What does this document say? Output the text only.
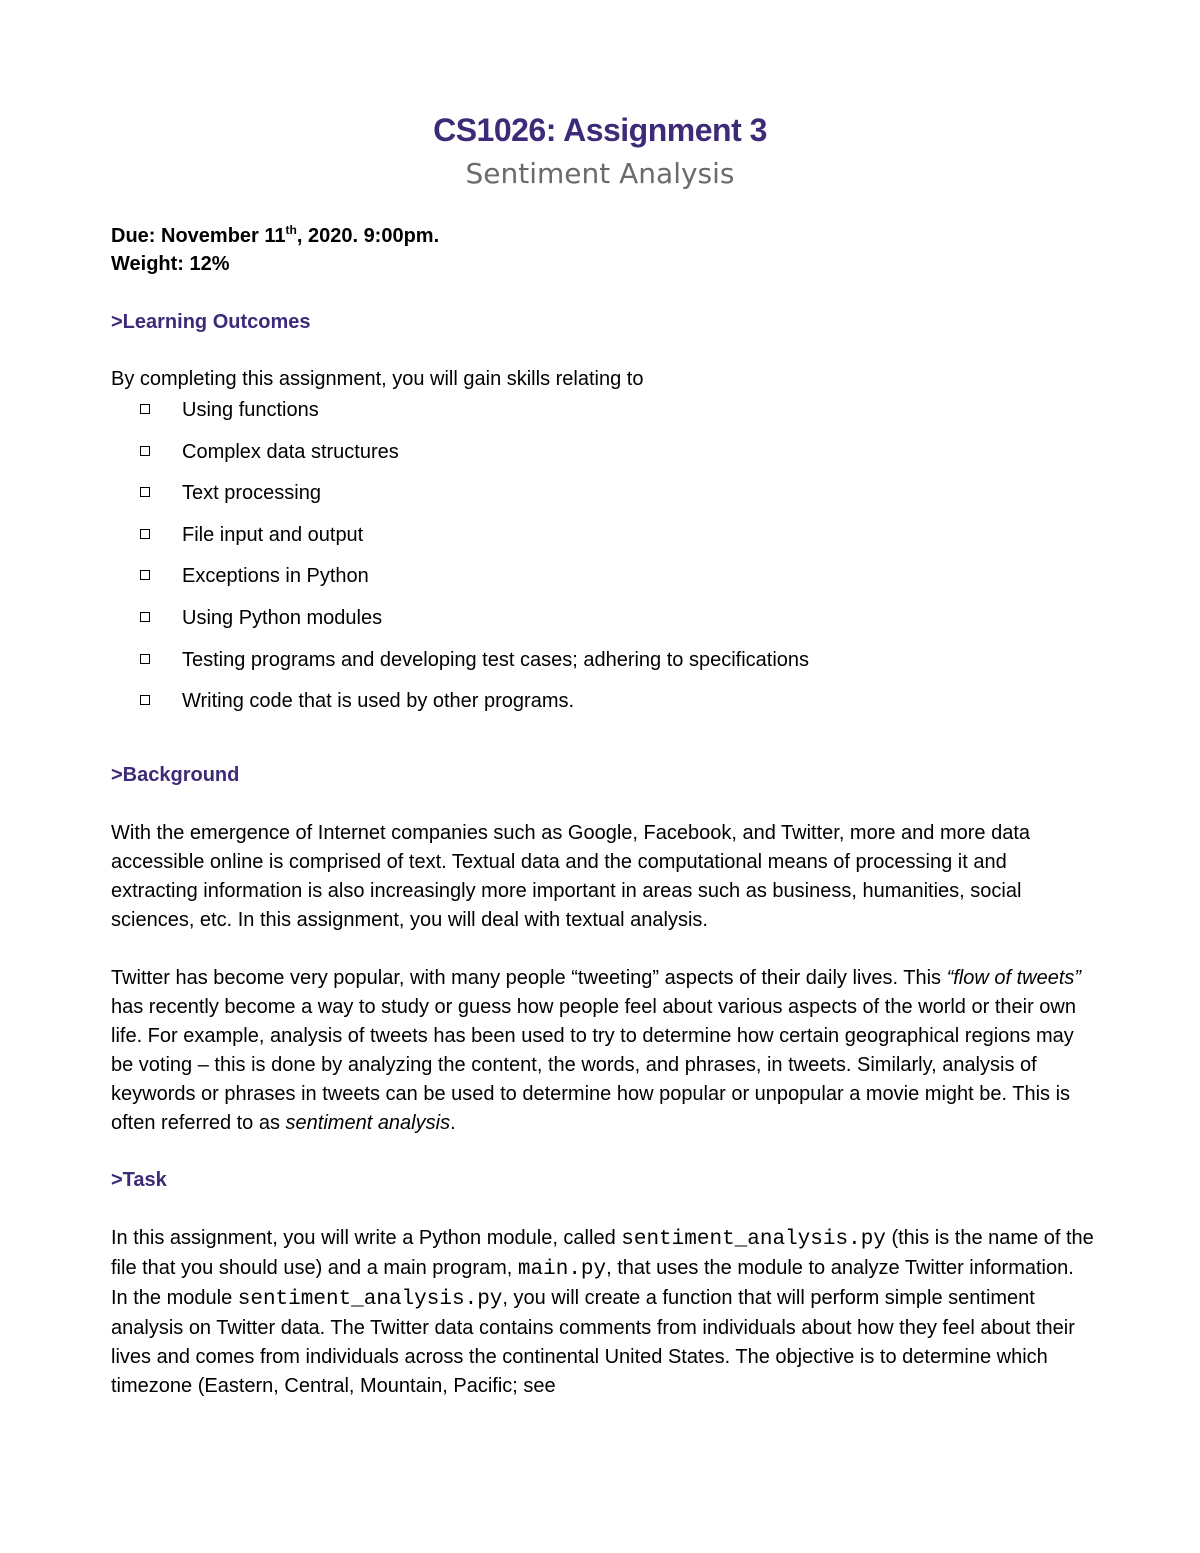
CS1026: Assignment 3
Sentiment Analysis
Due: November 11th, 2020. 9:00pm.
Weight: 12%
>Learning Outcomes

By completing this assignment, you will gain skills relating to

Using functions
Complex data structures
Text processing
File input and output
Exceptions in Python
Using Python modules
Testing programs and developing test cases; adhering to specifications
Writing code that is used by other programs.
>Background

With the emergence of Internet companies such as Google, Facebook, and Twitter, more and more data accessible online is comprised of text. Textual data and the computational means of processing it and extracting information is also increasingly more important in areas such as business, humanities, social sciences, etc. In this assignment, you will deal with textual analysis.

Twitter has become very popular, with many people “tweeting” aspects of their daily lives. This “flow of tweets” has recently become a way to study or guess how people feel about various aspects of the world or their own life. For example, analysis of tweets has been used to try to determine how certain geographical regions may be voting – this is done by analyzing the content, the words, and phrases, in tweets. Similarly, analysis of keywords or phrases in tweets can be used to determine how popular or unpopular a movie might be. This is often referred to as sentiment analysis.

>Task

In this assignment, you will write a Python module, called sentiment_analysis.py (this is the name of the file that you should use) and a main program, main.py, that uses the module to analyze Twitter information. In the module sentiment_analysis.py, you will create a function that will perform simple sentiment analysis on Twitter data. The Twitter data contains comments from individuals about how they feel about their lives and comes from individuals across the continental United States. The objective is to determine which timezone (Eastern, Central, Mountain, Pacific; see
